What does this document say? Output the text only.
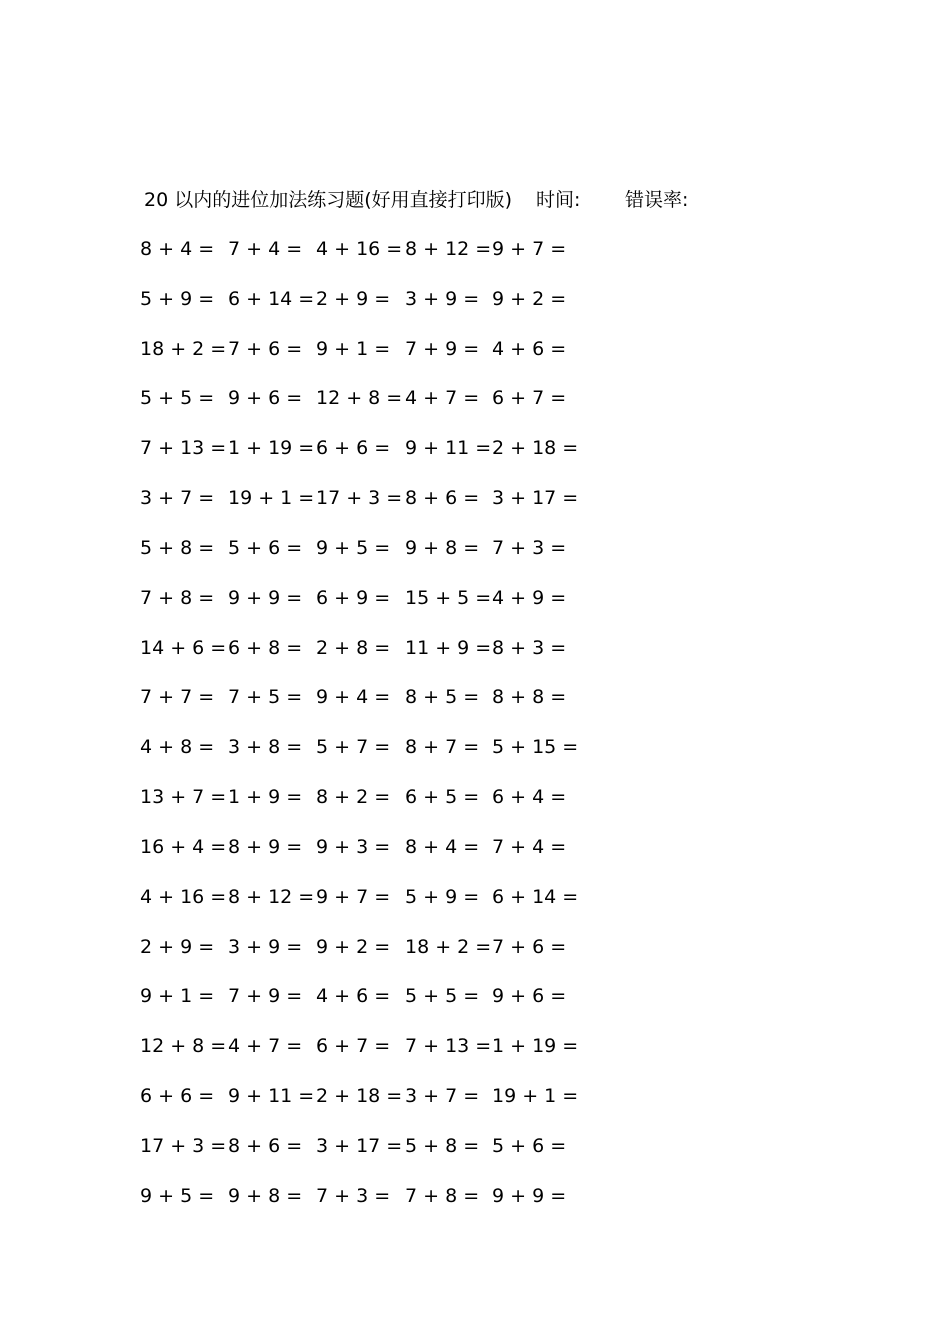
20 以内的进位加法练习题(好用直接打印版) 时间: 错误率:
8 + 4 = 7 + 4 = 4 + 16 = 8 + 12 = 9 + 7 =
5 + 9 = 6 + 14 = 2 + 9 = 3 + 9 = 9 + 2 =
18 + 2 = 7 + 6 = 9 + 1 = 7 + 9 = 4 + 6 =
5 + 5 = 9 + 6 = 12 + 8 = 4 + 7 = 6 + 7 =
7 + 13 = 1 + 19 = 6 + 6 = 9 + 11 = 2 + 18 =
3 + 7 = 19 + 1 = 17 + 3 = 8 + 6 = 3 + 17 =
5 + 8 = 5 + 6 = 9 + 5 = 9 + 8 = 7 + 3 =
7 + 8 = 9 + 9 = 6 + 9 = 15 + 5 = 4 + 9 =
14 + 6 = 6 + 8 = 2 + 8 = 11 + 9 = 8 + 3 =
7 + 7 = 7 + 5 = 9 + 4 = 8 + 5 = 8 + 8 =
4 + 8 = 3 + 8 = 5 + 7 = 8 + 7 = 5 + 15 =
13 + 7 = 1 + 9 = 8 + 2 = 6 + 5 = 6 + 4 =
16 + 4 = 8 + 9 = 9 + 3 = 8 + 4 = 7 + 4 =
4 + 16 = 8 + 12 = 9 + 7 = 5 + 9 = 6 + 14 =
2 + 9 = 3 + 9 = 9 + 2 = 18 + 2 = 7 + 6 =
9 + 1 = 7 + 9 = 4 + 6 = 5 + 5 = 9 + 6 =
12 + 8 = 4 + 7 = 6 + 7 = 7 + 13 = 1 + 19 =
6 + 6 = 9 + 11 = 2 + 18 = 3 + 7 = 19 + 1 =
17 + 3 = 8 + 6 = 3 + 17 = 5 + 8 = 5 + 6 =
9 + 5 = 9 + 8 = 7 + 3 = 7 + 8 = 9 + 9 =
